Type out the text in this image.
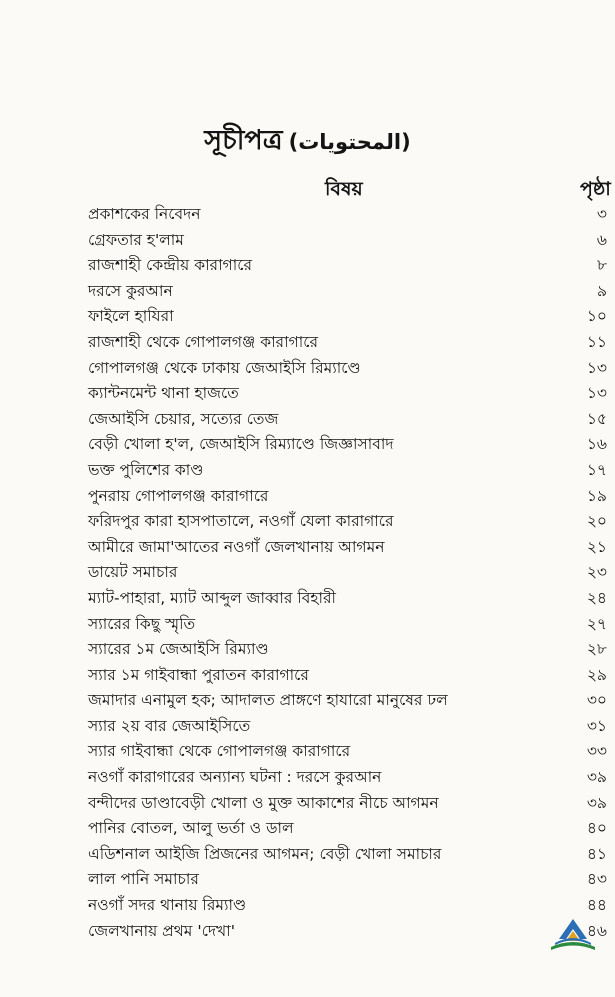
সূচীপত্র (المحتويات)
বিষয়	পৃষ্ঠা
প্রকাশকের নিবেদন	৩
গ্রেফতার হ'লাম	৬
রাজশাহী কেন্দ্রীয় কারাগারে	৮
দরসে কুরআন	৯
ফাইলে হাযিরা	১০
রাজশাহী থেকে গোপালগঞ্জ কারাগারে	১১
গোপালগঞ্জ থেকে ঢাকায় জেআইসি রিম্যাণ্ডে	১৩
ক্যান্টনমেন্ট থানা হাজতে	১৩
জেআইসি চেয়ার, সত্যের তেজ	১৫
বেড়ী খোলা হ'ল, জেআইসি রিম্যাণ্ডে জিজ্ঞাসাবাদ	১৬
ভক্ত পুলিশের কাণ্ড	১৭
পুনরায় গোপালগঞ্জ কারাগারে	১৯
ফরিদপুর কারা হাসপাতালে, নওগাঁ যেলা কারাগারে	২০
আমীরে জামা'আতের নওগাঁ জেলখানায় আগমন	২১
ডায়েট সমাচার	২৩
ম্যাট-পাহারা, ম্যাট আব্দুল জাব্বার বিহারী	২৪
স্যারের কিছু স্মৃতি	২৭
স্যারের ১ম জেআইসি রিম্যাণ্ড	২৮
স্যার ১ম গাইবান্ধা পুরাতন কারাগারে	২৯
জমাদার এনামুল হক; আদালত প্রাঙ্গণে হাযারো মানুষের ঢল	৩০
স্যার ২য় বার জেআইসিতে	৩১
স্যার গাইবান্ধা থেকে গোপালগঞ্জ কারাগারে	৩৩
নওগাঁ কারাগারের অন্যান্য ঘটনা : দরসে কুরআন	৩৯
বন্দীদের ডাণ্ডাবেড়ী খোলা ও মুক্ত আকাশের নীচে আগমন	৩৯
পানির বোতল, আলু ভর্তা ও ডাল	৪০
এডিশনাল আইজি প্রিজনের আগমন; বেড়ী খোলা সমাচার	৪১
লাল পানি সমাচার	৪৩
নওগাঁ সদর থানায় রিম্যাণ্ড	৪৪
জেলখানায় প্রথম 'দেখা'	৪৬
